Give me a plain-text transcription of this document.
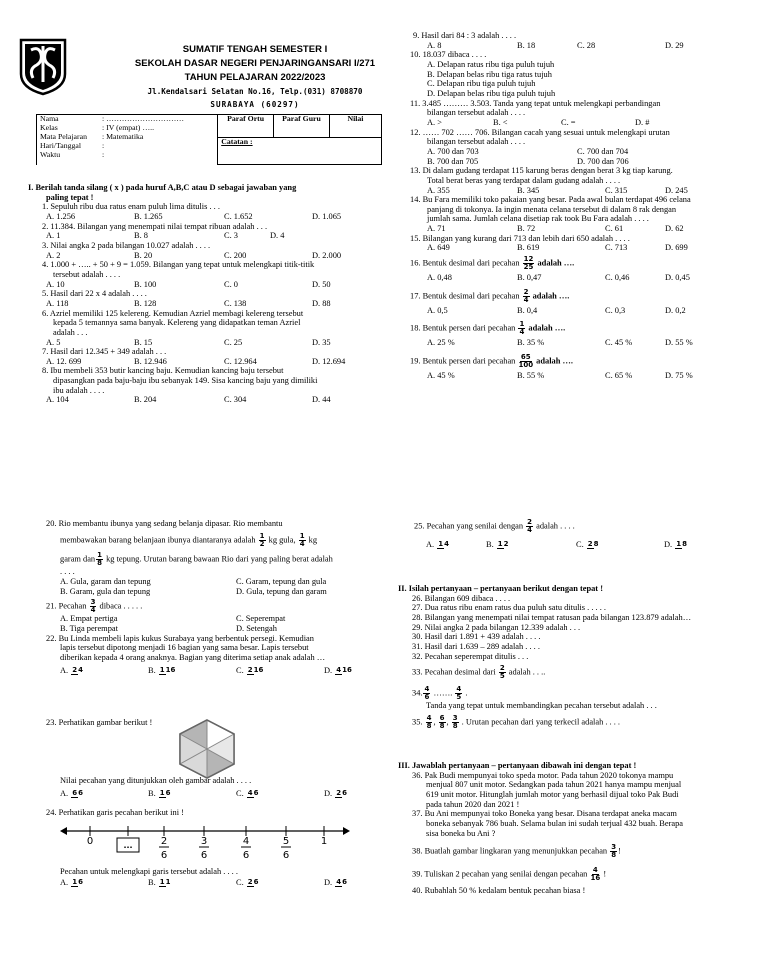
SUMATIF TENGAH SEMESTER I
SEKOLAH DASAR NEGERI PENJARINGANSARI I/271
TAHUN PELAJARAN 2022/2023
Jl.Kendalsari Selatan No.16, Telp.(031) 8708870
SURABAYA (60297)
Nama	: …………………………
Kelas	: IV (empat) …..
Mata Pelajaran	: Matematika
Hari/Tanggal	:
Waktu	:
	Paraf Ortu	Paraf Guru	Nilai
Catatan :
I. Berilah tanda silang ( x ) pada huruf A,B,C atau D sebagai jawaban yang
paling tepat !
1. Sepuluh ribu dua ratus enam puluh lima ditulis . . .
A. 1.256	B. 1.265	C. 1.652	D. 1.065
2. 11.384. Bilangan yang menempati nilai tempat ribuan adalah . . .
A. 1	B. 8	C. 3	D. 4
3. Nilai angka 2 pada bilangan 10.027 adalah . . . .
A. 2	B. 20	C. 200	D. 2.000
4. 1.000 + ….. + 50 + 9 = 1.059. Bilangan yang tepat untuk melengkapi titik-titik
tersebut adalah . . . .
A. 10	B. 100	C. 0	D. 50
5. Hasil dari 22 x 4 adalah . . . .
A. 118	B. 128	C. 138	D. 88
6. Azriel memiliki 125 kelereng. Kemudian Azriel membagi kelereng tersebut
kepada 5 temannya sama banyak. Kelereng yang didapatkan teman Azriel
adalah . . .
A. 5	B. 15	C. 25	D. 35
7. Hasil dari 12.345 + 349 adalah . . .
A. 12. 699	B. 12.946	C. 12.964	D. 12.694
8. Ibu membeli 353 butir kancing baju. Kemudian kancing baju tersebut
dipasangkan pada baju-baju ibu sebanyak 149. Sisa kancing baju yang dimiliki
ibu adalah . . . .
A. 104	B. 204	C. 304	D. 44
9. Hasil dari 84 : 3 adalah . . . .
A. 8	B. 18	C. 28	D. 29
10. 18.037 dibaca . . . .
A. Delapan ratus ribu tiga puluh tujuh
B. Delapan belas ribu tiga ratus tujuh
C. Delapan ribu tiga puluh tujuh
D. Delapan belas ribu tiga puluh tujuh
11. 3.485 ……… 3.503. Tanda yang tepat untuk melengkapi perbandingan
bilangan tersebut adalah . . . .
A. >	B. <	C. =	D. #
12. …… 702 …… 706. Bilangan cacah yang sesuai untuk melengkapi urutan
bilangan tersebut adalah . . . .
A. 700 dan 703	C. 700 dan 704
B. 700 dan 705	D. 700 dan 706
13. Di dalam gudang terdapat 115 karung beras dengan berat 3 kg tiap karung.
Total berat beras yang terdapat dalam gudang adalah . . . .
A. 355	B. 345	C. 315	D. 245
14. Bu Fara memiliki toko pakaian yang besar. Pada awal bulan terdapat 496 celana
panjang di tokonya. Ia ingin menata celana tersebut di dalam 8 rak dengan
jumlah sama. Jumlah celana disetiap rak took Bu Fara adalah . . . .
A. 71	B. 72	C. 61	D. 62
15. Bilangan yang kurang dari 713 dan lebih dari 650 adalah . . . .
A. 649	B. 619	C. 713	D. 699
16. Bentuk desimal dari pecahan $\frac{12}{25}$ adalah ….
A. 0,48	B. 0,47	C. 0,46	D. 0,45
17. Bentuk desimal dari pecahan $\frac{2}{4}$ adalah ….
A. 0,5	B. 0,4	C. 0,3	D. 0,2
18. Bentuk persen dari pecahan $\frac{1}{4}$ adalah ….
A. 25 %	B. 35 %	C. 45 %	D. 55 %
19. Bentuk persen dari pecahan $\frac{65}{100}$ adalah ….
A. 45 %	B. 55 %	C. 65 %	D. 75 %
20. Rio membantu ibunya yang sedang belanja dipasar. Rio membantu
membawakan barang belanjaan ibunya diantaranya adalah $\frac{1}{2}$ kg gula, $\frac{1}{4}$ kg
garam dan $\frac{1}{8}$ kg tepung. Urutan barang bawaan Rio dari yang paling berat adalah
. . . .
A. Gula, garam dan tepung	C. Garam, tepung dan gula
B. Garam, gula dan tepung	D. Gula, tepung dan garam
21. Pecahan $\frac{3}{4}$ dibaca . . . . .
A. Empat pertiga	C. Seperempat
B. Tiga perempat	D. Setengah
22. Bu Linda membeli lapis kukus Surabaya yang berbentuk persegi. Kemudian
lapis tersebut dipotong menjadi 16 bagian yang sama besar. Lapis tersebut
diberikan kepada 4 orang anaknya. Bagian yang diterima setiap anak adalah …
A. 24	B. 116	C. 216	D. 416
23. Perhatikan gambar berikut !
Nilai pecahan yang ditunjukkan oleh gambar adalah . . . .
A. 66	B. 16	C. 46	D. 26
24. Perhatikan garis pecahan berikut ini !
0	...	2
6
3
6
4
6
5
6
1
Pecahan untuk melengkapi garis tersebut adalah . . . .
A. 16	B. 11	C. 26	D. 46
25. Pecahan yang senilai dengan $\frac{2}{4}$ adalah . . . .
A. 14	B. 12	C. 28	D. 18
II. Isilah pertanyaan – pertanyaan berikut dengan tepat !
26. Bilangan 609 dibaca . . . .
27. Dua ratus ribu enam ratus dua puluh satu ditulis . . . . .
28. Bilangan yang menempati nilai tempat ratusan pada bilangan 123.879 adalah…
29. Nilai angka 2 pada bilangan 12.339 adalah . . .
30. Hasil dari 1.891 + 439 adalah . . . .
31. Hasil dari 1.639 – 289 adalah . . . .
32. Pecahan seperempat ditulis . . .
33. Pecahan desimal dari $\frac{2}{5}$ adalah . . ..
34. $\frac{4}{6}$ ……. $\frac{4}{5}$ .
Tanda yang tepat untuk membandingkan pecahan tersebut adalah . . .
35. $\frac{4}{8}$ , $\frac{6}{8}$ , $\frac{3}{8}$ . Urutan pecahan dari yang terkecil adalah . . . .
III. Jawablah pertanyaan – pertanyaan dibawah ini dengan tepat !
36. Pak Budi mempunyai toko speda motor. Pada tahun 2020 tokonya mampu
menjual 807 unit motor. Sedangkan pada tahun 2021 hanya mampu menjual
619 unit motor. Hitunglah jumlah motor yang berhasil dijual toko Pak Budi
pada tahun 2020 dan 2021 !
37. Bu Ani mempunyai toko Boneka yang besar. Disana terdapat aneka macam
boneka sebanyak 786 buah. Selama bulan ini sudah terjual 432 buah. Berapa
sisa boneka bu Ani ?
38. Buatlah gambar lingkaran yang menunjukkan pecahan $\frac{3}{8}$ !
39. Tuliskan 2 pecahan yang senilai dengan pecahan $\frac{4}{16}$ !
40. Rubahlah 50 % kedalam bentuk pecahan biasa !
